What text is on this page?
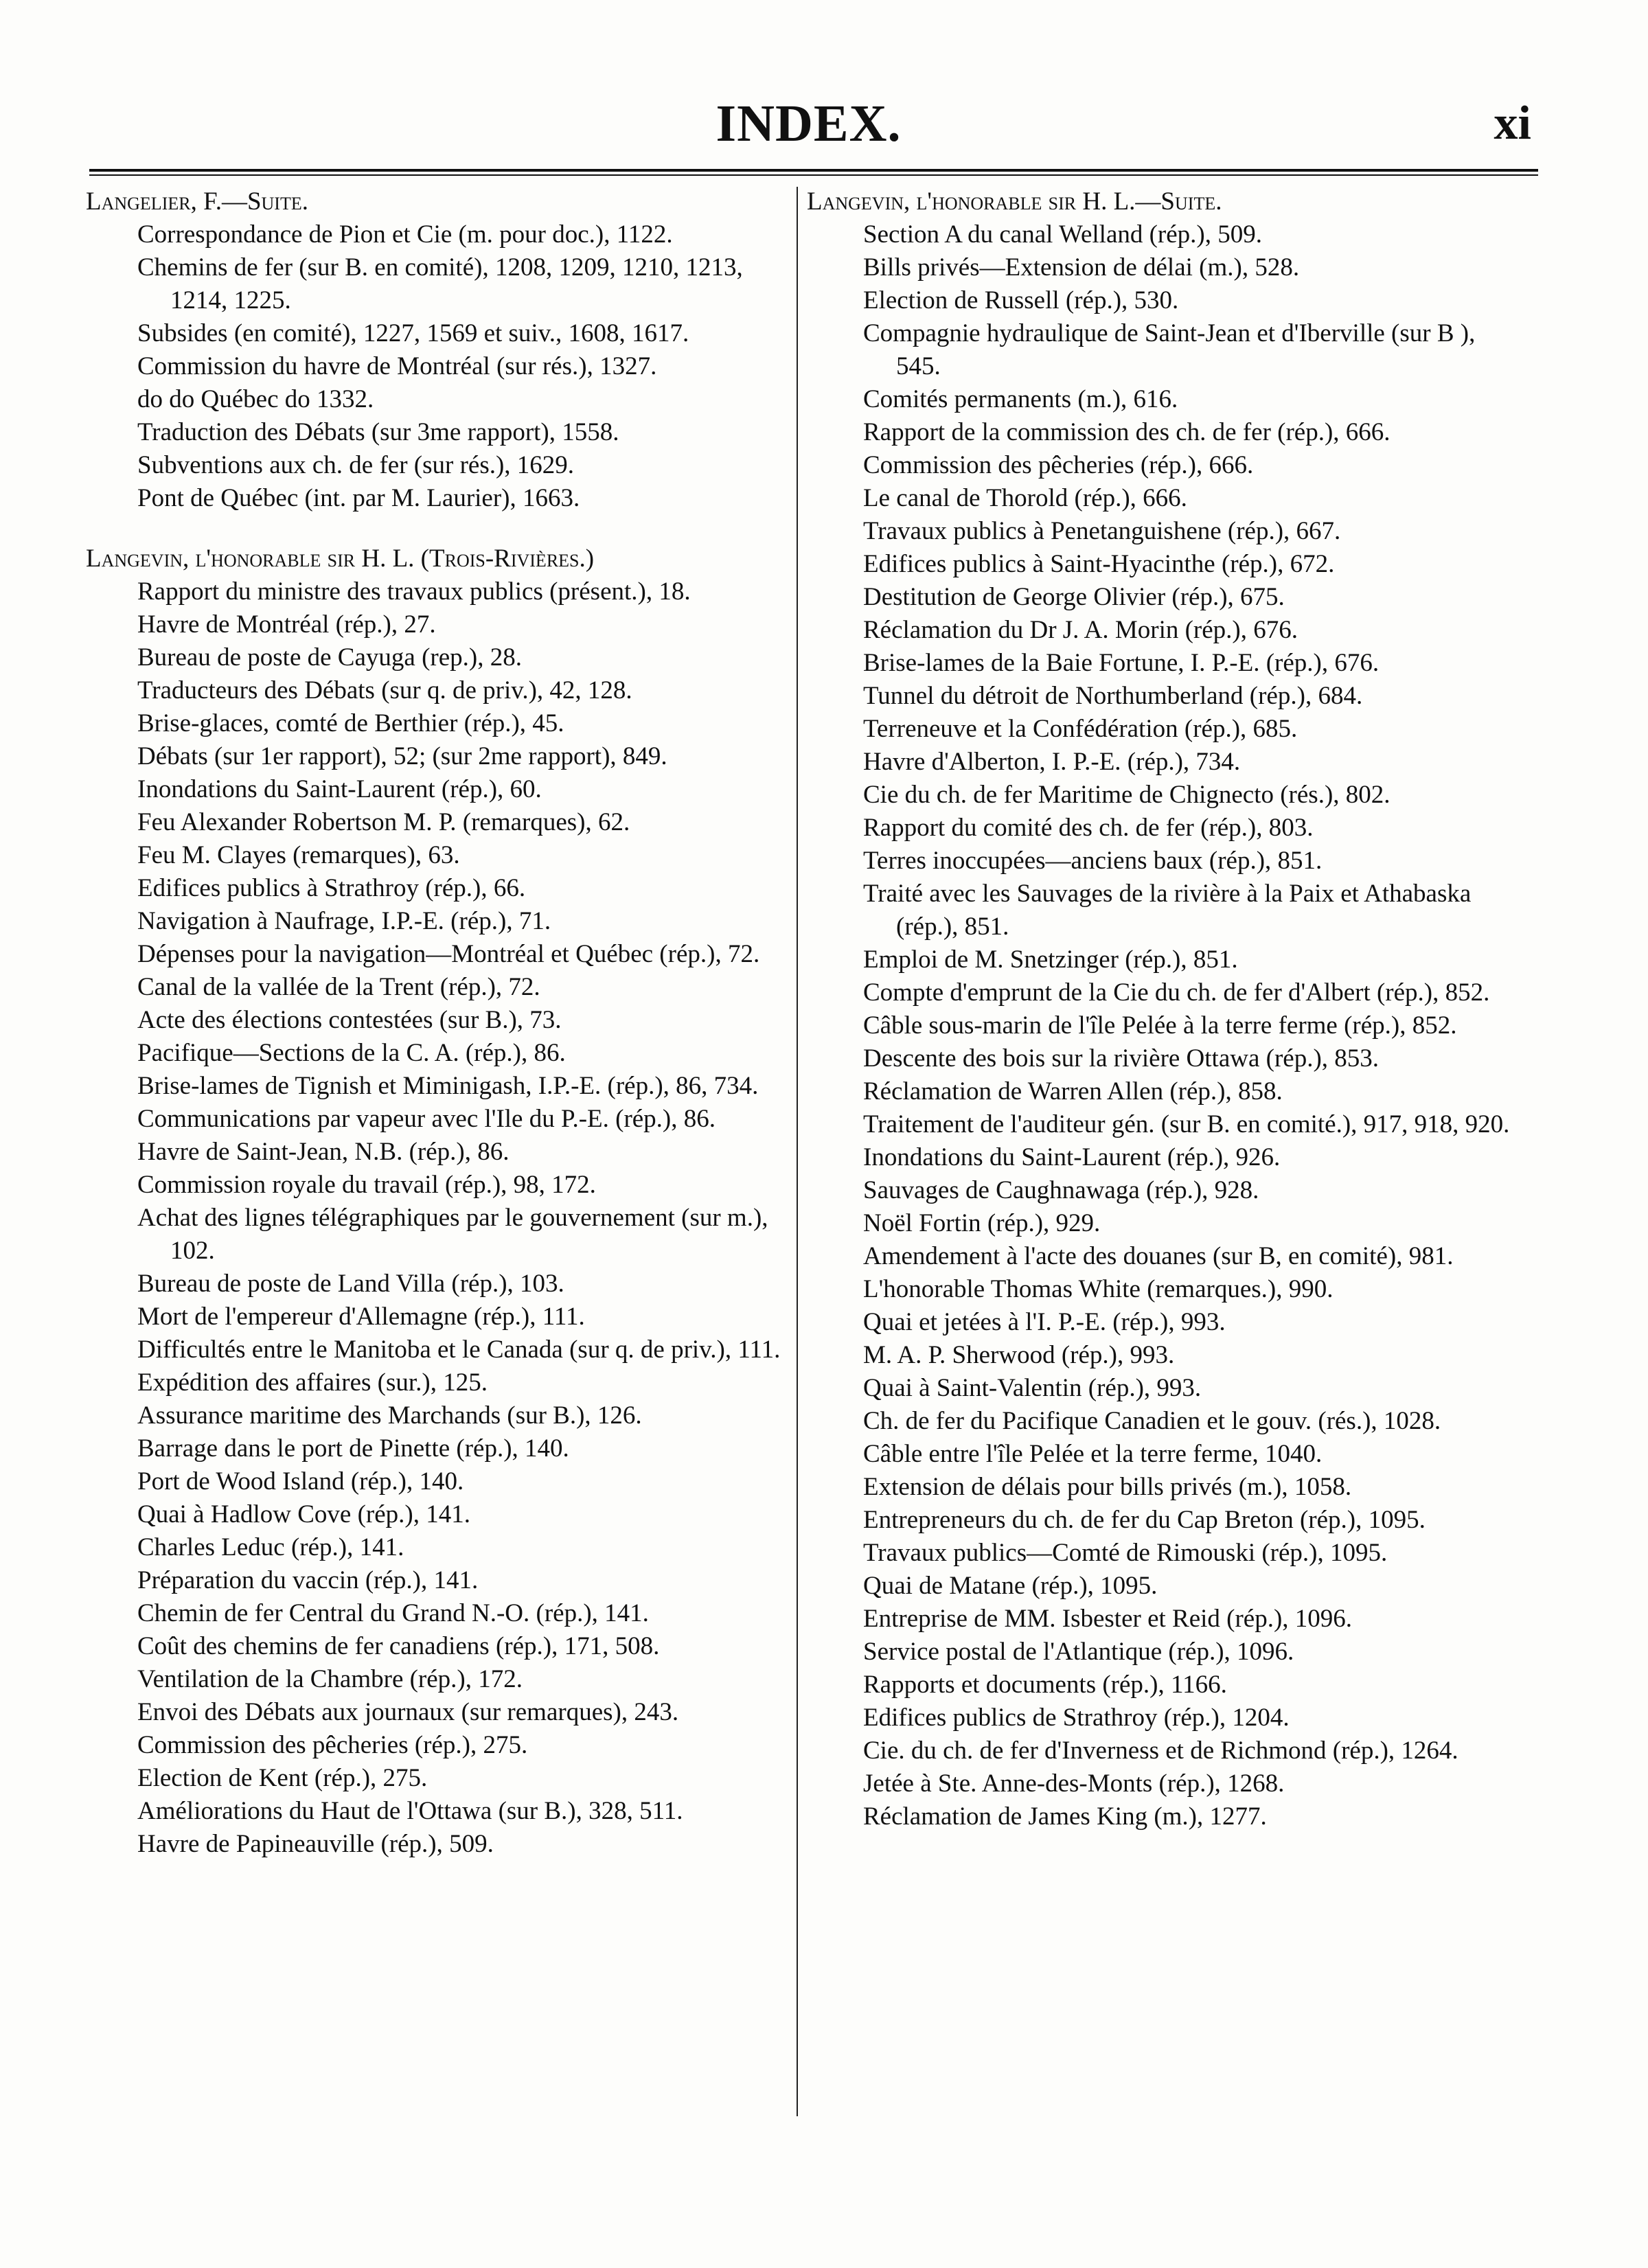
INDEX.	xi

Langelier, F.—Suite.

Correspondance de Pion et Cie (m. pour doc.), 1122.

Chemins de fer (sur B. en comité), 1208, 1209, 1210, 1213, 1214, 1225.

Subsides (en comité), 1227, 1569 et suiv., 1608, 1617.

Commission du havre de Montréal (sur rés.), 1327.

do do Québec do 1332.

Traduction des Débats (sur 3me rapport), 1558.

Subventions aux ch. de fer (sur rés.), 1629.

Pont de Québec (int. par M. Laurier), 1663.

Langevin, l'honorable sir H. L. (Trois-Rivières.)

Rapport du ministre des travaux publics (présent.), 18.

Havre de Montréal (rép.), 27.

Bureau de poste de Cayuga (rep.), 28.

Traducteurs des Débats (sur q. de priv.), 42, 128.

Brise-glaces, comté de Berthier (rép.), 45.

Débats (sur 1er rapport), 52; (sur 2me rapport), 849.

Inondations du Saint-Laurent (rép.), 60.

Feu Alexander Robertson M. P. (remarques), 62.

Feu M. Clayes (remarques), 63.

Edifices publics à Strathroy (rép.), 66.

Navigation à Naufrage, I.P.-E. (rép.), 71.

Dépenses pour la navigation—Montréal et Québec (rép.), 72.

Canal de la vallée de la Trent (rép.), 72.

Acte des élections contestées (sur B.), 73.

Pacifique—Sections de la C. A. (rép.), 86.

Brise-lames de Tignish et Miminigash, I.P.-E. (rép.), 86, 734.

Communications par vapeur avec l'Ile du P.-E. (rép.), 86.

Havre de Saint-Jean, N.B. (rép.), 86.

Commission royale du travail (rép.), 98, 172.

Achat des lignes télégraphiques par le gouvernement (sur m.), 102.

Bureau de poste de Land Villa (rép.), 103.

Mort de l'empereur d'Allemagne (rép.), 111.

Difficultés entre le Manitoba et le Canada (sur q. de priv.), 111.

Expédition des affaires (sur.), 125.

Assurance maritime des Marchands (sur B.), 126.

Barrage dans le port de Pinette (rép.), 140.

Port de Wood Island (rép.), 140.

Quai à Hadlow Cove (rép.), 141.

Charles Leduc (rép.), 141.

Préparation du vaccin (rép.), 141.

Chemin de fer Central du Grand N.-O. (rép.), 141.

Coût des chemins de fer canadiens (rép.), 171, 508.

Ventilation de la Chambre (rép.), 172.

Envoi des Débats aux journaux (sur remarques), 243.

Commission des pêcheries (rép.), 275.

Election de Kent (rép.), 275.

Améliorations du Haut de l'Ottawa (sur B.), 328, 511.

Havre de Papineauville (rép.), 509.

Langevin, l'honorable sir H. L.—Suite.

Section A du canal Welland (rép.), 509.

Bills privés—Extension de délai (m.), 528.

Election de Russell (rép.), 530.

Compagnie hydraulique de Saint-Jean et d'Iberville (sur B ), 545.

Comités permanents (m.), 616.

Rapport de la commission des ch. de fer (rép.), 666.

Commission des pêcheries (rép.), 666.

Le canal de Thorold (rép.), 666.

Travaux publics à Penetanguishene (rép.), 667.

Edifices publics à Saint-Hyacinthe (rép.), 672.

Destitution de George Olivier (rép.), 675.

Réclamation du Dr J. A. Morin (rép.), 676.

Brise-lames de la Baie Fortune, I. P.-E. (rép.), 676.

Tunnel du détroit de Northumberland (rép.), 684.

Terreneuve et la Confédération (rép.), 685.

Havre d'Alberton, I. P.-E. (rép.), 734.

Cie du ch. de fer Maritime de Chignecto (rés.), 802.

Rapport du comité des ch. de fer (rép.), 803.

Terres inoccupées—anciens baux (rép.), 851.

Traité avec les Sauvages de la rivière à la Paix et Athabaska (rép.), 851.

Emploi de M. Snetzinger (rép.), 851.

Compte d'emprunt de la Cie du ch. de fer d'Albert (rép.), 852.

Câble sous-marin de l'île Pelée à la terre ferme (rép.), 852.

Descente des bois sur la rivière Ottawa (rép.), 853.

Réclamation de Warren Allen (rép.), 858.

Traitement de l'auditeur gén. (sur B. en comité.), 917, 918, 920.

Inondations du Saint-Laurent (rép.), 926.

Sauvages de Caughnawaga (rép.), 928.

Noël Fortin (rép.), 929.

Amendement à l'acte des douanes (sur B, en comité), 981.

L'honorable Thomas White (remarques.), 990.

Quai et jetées à l'I. P.-E. (rép.), 993.

M. A. P. Sherwood (rép.), 993.

Quai à Saint-Valentin (rép.), 993.

Ch. de fer du Pacifique Canadien et le gouv. (rés.), 1028.

Câble entre l'île Pelée et la terre ferme, 1040.

Extension de délais pour bills privés (m.), 1058.

Entrepreneurs du ch. de fer du Cap Breton (rép.), 1095.

Travaux publics—Comté de Rimouski (rép.), 1095.

Quai de Matane (rép.), 1095.

Entreprise de MM. Isbester et Reid (rép.), 1096.

Service postal de l'Atlantique (rép.), 1096.

Rapports et documents (rép.), 1166.

Edifices publics de Strathroy (rép.), 1204.

Cie. du ch. de fer d'Inverness et de Richmond (rép.), 1264.

Jetée à Ste. Anne-des-Monts (rép.), 1268.

Réclamation de James King (m.), 1277.
